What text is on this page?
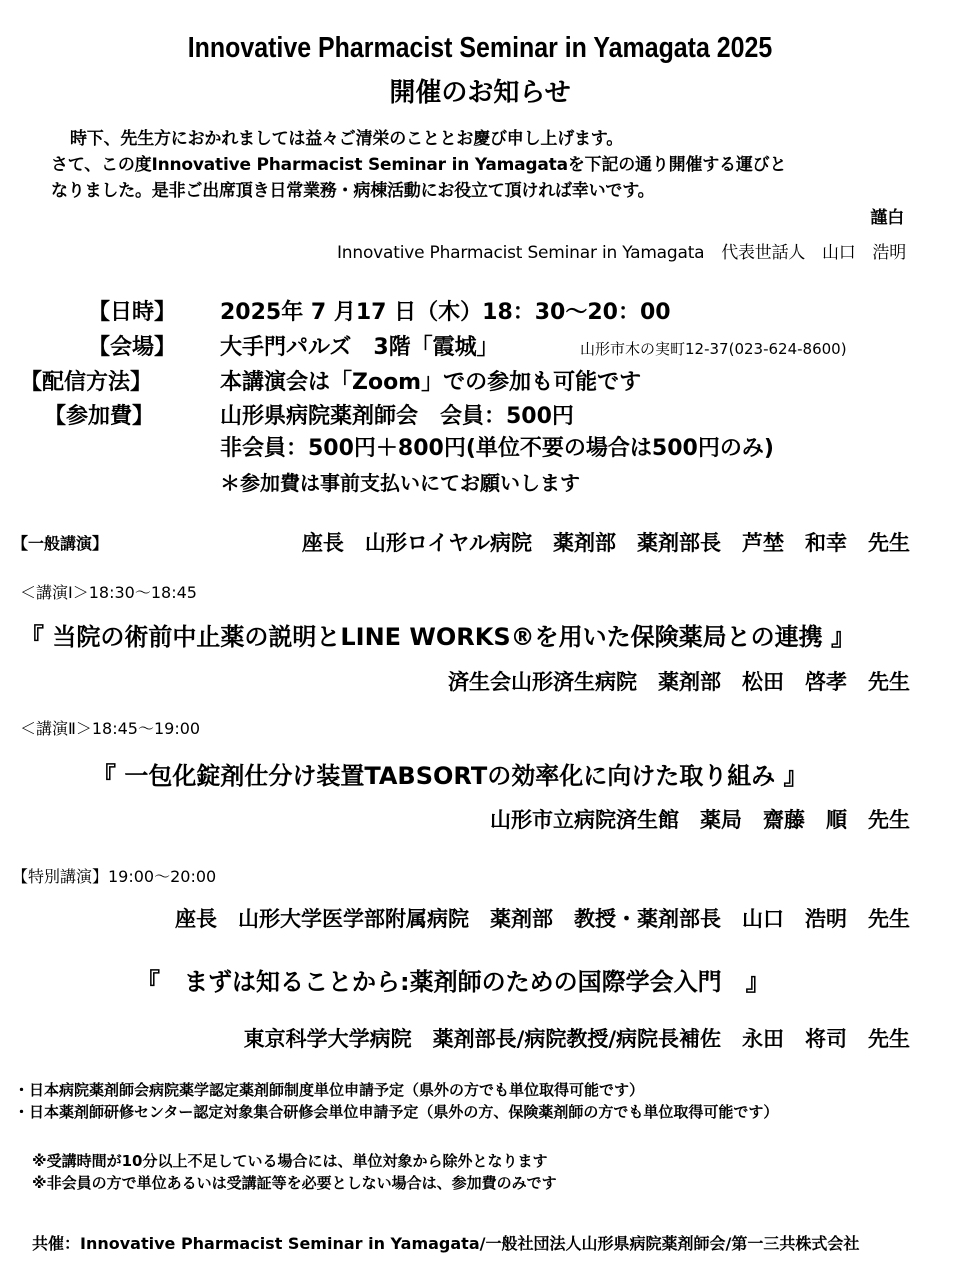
Innovative Pharmacist Seminar in Yamagata 2025
開催のお知らせ
時下、先生方におかれましては益々ご清栄のこととお慶び申し上げます。
さて、この度Innovative Pharmacist Seminar in Yamagataを下記の通り開催する運びと
なりました。是非ご出席頂き日常業務・病棟活動にお役立て頂ければ幸いです。
謹白
Innovative Pharmacist Seminar in Yamagata　代表世話人　山口　浩明
【日時】 2025年 7 月17 日（木）18：30〜20：00
【会場】 大手門パルズ　3階「霞城」	山形市木の実町12-37(023-624-8600)
【配信方法】	本講演会は「Zoom」での参加も可能です
【参加費】	山形県病院薬剤師会　会員：500円
非会員：500円＋800円(単位不要の場合は500円のみ)
＊参加費は事前支払いにてお願いします
【一般講演】	座長　山形ロイヤル病院　薬剤部　薬剤部長　芦埜　和幸　先生
＜講演Ⅰ＞18:30〜18:45
『 当院の術前中止薬の説明とLINE WORKS®を用いた保険薬局との連携 』
済生会山形済生病院　薬剤部　松田　啓孝　先生
＜講演Ⅱ＞18:45〜19:00
『 一包化錠剤仕分け装置TABSORTの効率化に向けた取り組み 』
山形市立病院済生館　薬局　齋藤　順　先生
【特別講演】19:00〜20:00
座長　山形大学医学部附属病院　薬剤部　教授・薬剤部長　山口　浩明　先生
『　まずは知ることから:薬剤師のための国際学会入門　』
東京科学大学病院　薬剤部長/病院教授/病院長補佐　永田　将司　先生
・日本病院薬剤師会病院薬学認定薬剤師制度単位申請予定（県外の方でも単位取得可能です）
・日本薬剤師研修センター認定対象集合研修会単位申請予定（県外の方、保険薬剤師の方でも単位取得可能です）
※受講時間が10分以上不足している場合には、単位対象から除外となります
※非会員の方で単位あるいは受講証等を必要としない場合は、参加費のみです
共催：Innovative Pharmacist Seminar in Yamagata/一般社団法人山形県病院薬剤師会/第一三共株式会社
